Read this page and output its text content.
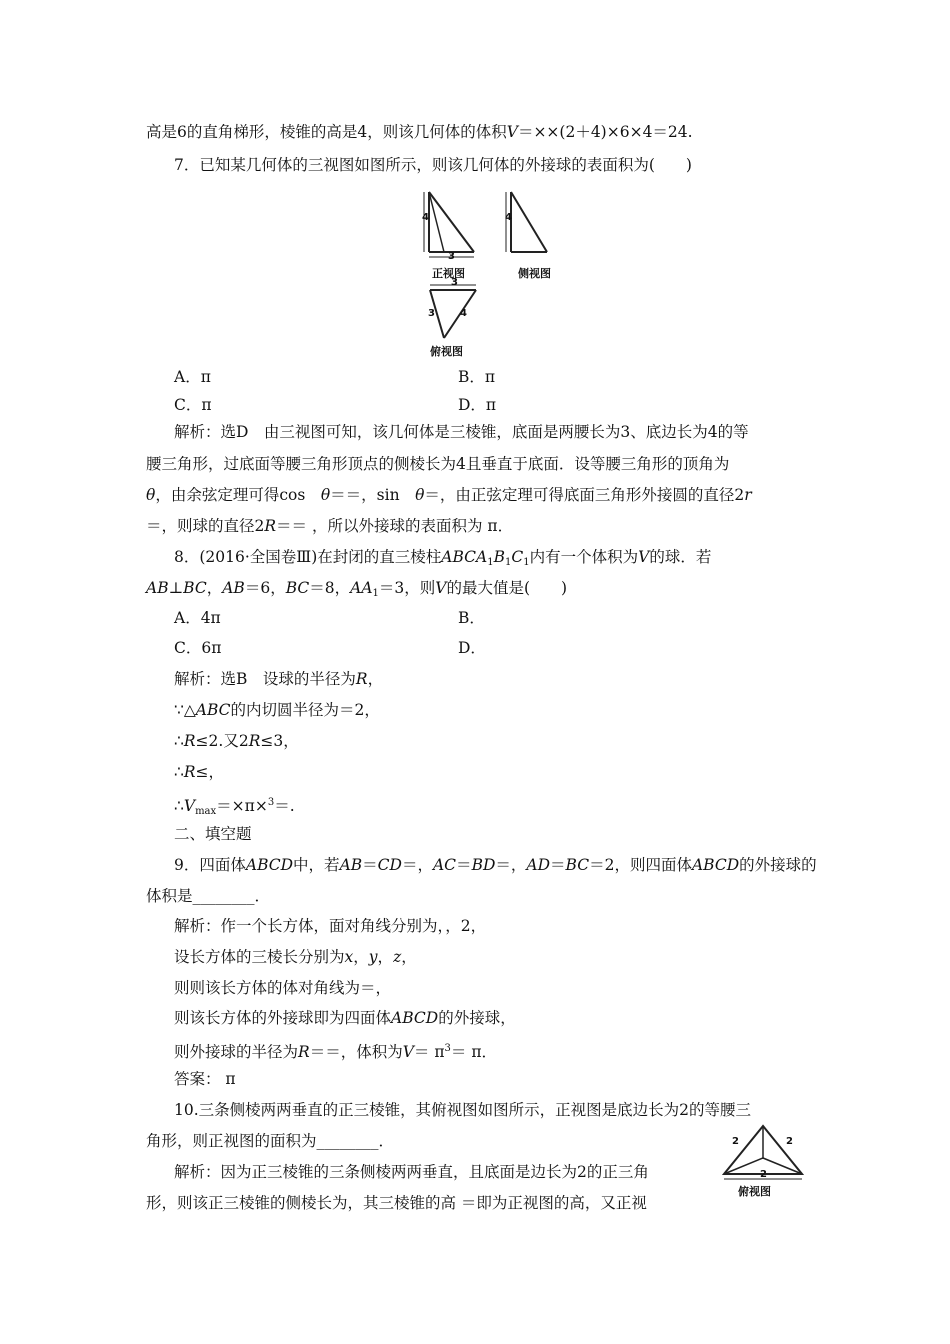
高是6的直角梯形，棱锥的高是4，则该几何体的体积V＝××(2＋4)×6×4＝24.
7．已知某几何体的三视图如图所示，则该几何体的外接球的表面积为(　　)
4
3
正视图
4
侧视图
3
3	4
俯视图
A．π	B．π
C．π	D．π
解析：选D　由三视图可知，该几何体是三棱锥，底面是两腰长为3、底边长为4的等
腰三角形，过底面等腰三角形顶点的侧棱长为4且垂直于底面．设等腰三角形的顶角为
θ，由余弦定理可得cos　θ＝＝，sin　θ＝，由正弦定理可得底面三角形外接圆的直径2r
＝，则球的直径2R＝＝ ，所以外接球的表面积为 π．
8．(2016·全国卷Ⅲ)在封闭的直三棱柱$ABCA_1B_1C_1$内有一个体积为V的球．若
AB⊥BC，AB＝6，BC＝8，$AA_1=3$，则V的最大值是(　　)
A．4π	B．
C．6π	D．
解析：选B　设球的半径为R，
∵△ABC的内切圆半径为＝2，
∴R≤2.又2R≤3，
∴R≤，
$\therefore V_{max}=\times\pi\times^3=$.
二、填空题
9．四面体ABCD中，若AB＝CD＝，AC＝BD＝，AD＝BC＝2，则四面体ABCD的外接球的
体积是________．
解析：作一个长方体，面对角线分别为，，2，
设长方体的三棱长分别为x，y，z，
则则该长方体的体对角线为＝，
则该长方体的外接球即为四面体ABCD的外接球，
则外接球的半径为R＝＝，体积为$V= \pi^3= \pi$．
答案： π
10.三条侧棱两两垂直的正三棱锥，其俯视图如图所示，正视图是底边长为2的等腰三
角形，则正视图的面积为________．
解析：因为正三棱锥的三条侧棱两两垂直，且底面是边长为2的正三角
形，则该正三棱锥的侧棱长为，其三棱锥的高 ＝即为正视图的高，又正视
2	2
2
俯视图
